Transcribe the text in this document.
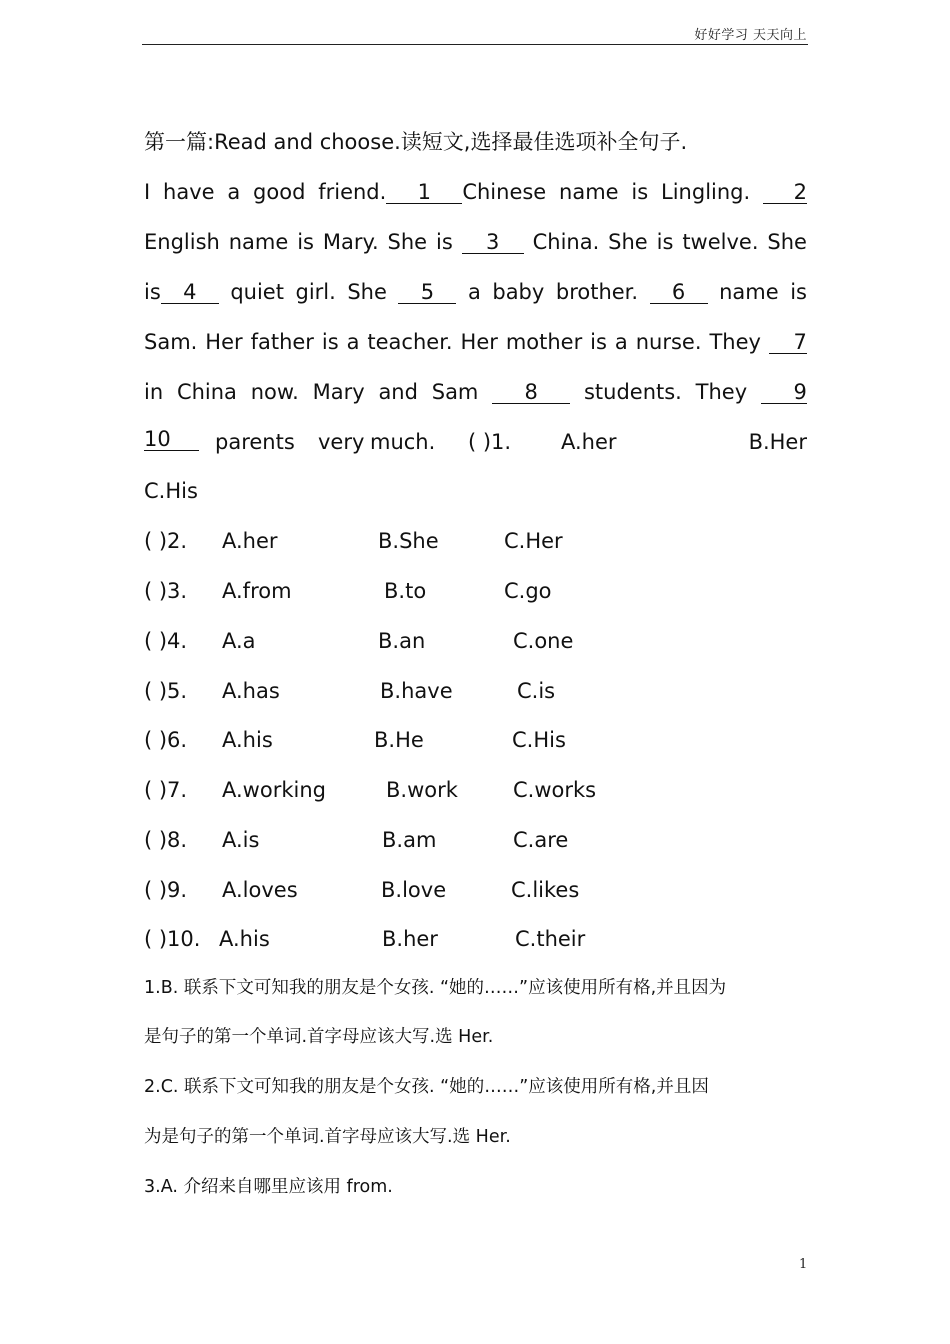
好好学习 天天向上
第一篇:Read and choose.读短文,选择最佳选项补全句子.
I have a good friend. 1 Chinese name is Lingling.	2
English name is Mary. She is	3	China. She is twelve. She
is 4	quiet girl. She	5	a baby brother.	6	name is
Sam. Her father is a teacher. Her mother is a nurse. They	7
in China now. Mary and Sam	8	students. They	9
10	parents very much. ( )1. A.her	B.Her
C.His
( )2. A.her	B.She	C.Her
( )3. A.from	B.to	C.go
( )4. A.a	B.an	C.one
( )5. A.has	B.have	C.is
( )6. A.his	B.He	C.His
( )7. A.working	B.work	C.works
( )8. A.is	B.am	C.are
( )9. A.loves	B.love	C.likes
( )10. A.his	B.her	C.their
1.B. 联系下文可知我的朋友是个女孩. “她的……”应该使用所有格,并且因为
是句子的第一个单词.首字母应该大写.选 Her.
2.C. 联系下文可知我的朋友是个女孩. “她的……”应该使用所有格,并且因
为是句子的第一个单词.首字母应该大写.选 Her.
3.A. 介绍来自哪里应该用 from.
1
